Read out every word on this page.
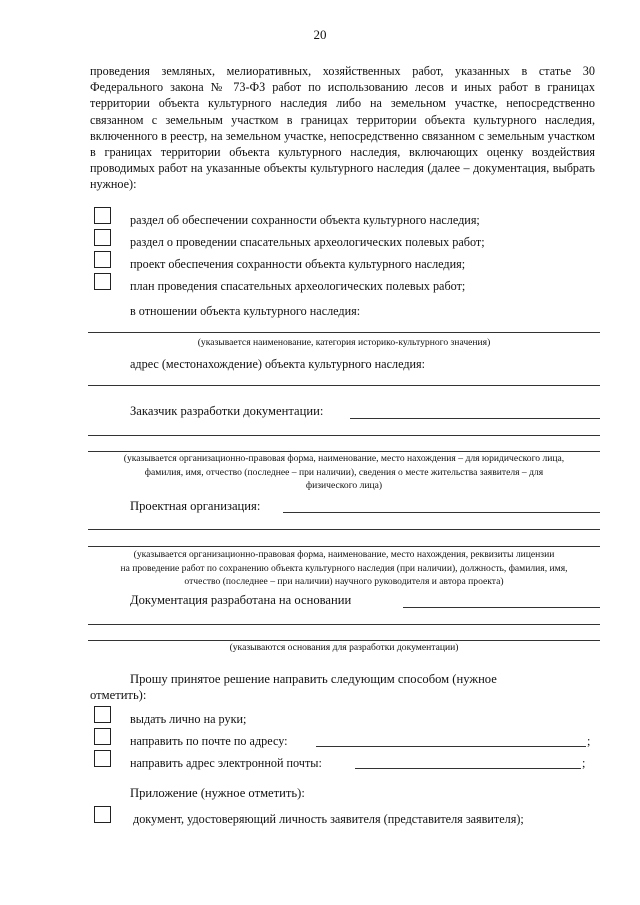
20
проведения земляных, мелиоративных, хозяйственных работ, указанных в статье 30 Федерального закона № 73-ФЗ работ по использованию лесов и иных работ в границах территории объекта культурного наследия либо на земельном участке, непосредственно связанном с земельным участком в границах территории объекта культурного наследия, включенного в реестр, на земельном участке, непосредственно связанном с земельным участком в границах территории объекта культурного наследия, включающих оценку воздействия проводимых работ на указанные объекты культурного наследия (далее – документация, выбрать нужное):
раздел об обеспечении сохранности объекта культурного наследия;
раздел о проведении спасательных археологических полевых работ;
проект обеспечения сохранности объекта культурного наследия;
план проведения спасательных археологических полевых работ;
в отношении объекта культурного наследия:
(указывается наименование, категория историко-культурного значения)
адрес (местонахождение) объекта культурного наследия:
Заказчик разработки документации:
(указывается организационно-правовая форма, наименование, место нахождения – для юридического лица,
фамилия, имя, отчество (последнее – при наличии), сведения о месте жительства заявителя – для
физического лица)
Проектная организация:
(указывается организационно-правовая форма, наименование, место нахождения, реквизиты лицензии
на проведение работ по сохранению объекта культурного наследия (при наличии), должность, фамилия, имя,
отчество (последнее – при наличии) научного руководителя и автора проекта)
Документация разработана на основании
(указываются основания для разработки документации)
Прошу принятое решение направить следующим способом (нужное
отметить):
выдать лично на руки;
направить по почте по адресу:	;
направить адрес электронной почты:	;
Приложение (нужное отметить):
документ, удостоверяющий личность заявителя (представителя заявителя);
